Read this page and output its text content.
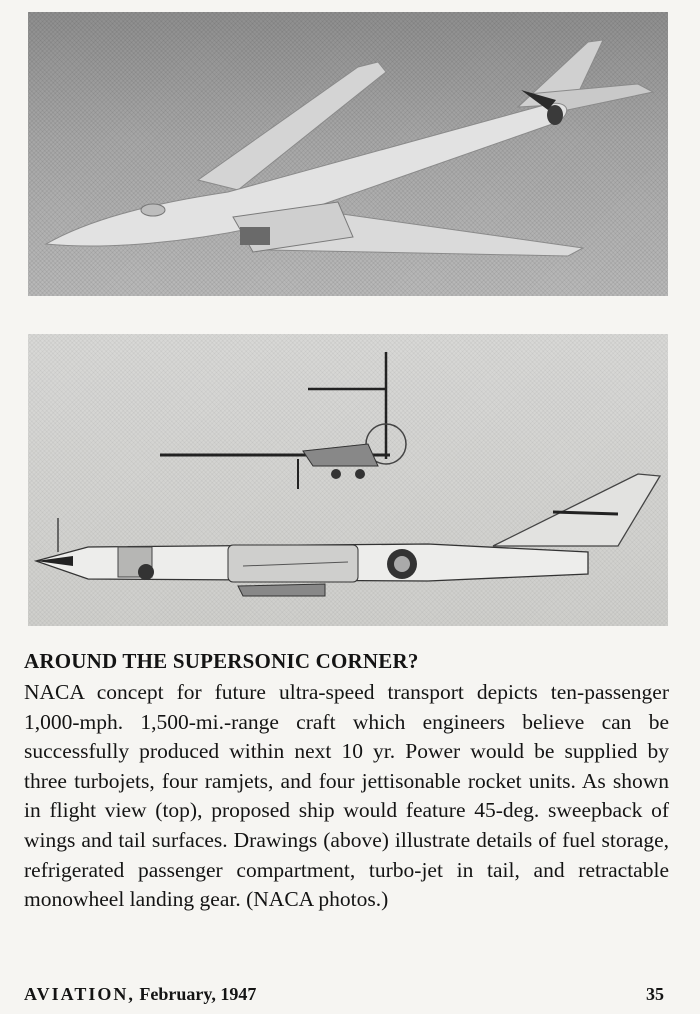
AROUND THE SUPERSONIC CORNER?

NACA concept for future ultra-speed transport depicts ten-passenger 1,000-mph. 1,500-mi.-range craft which engineers believe can be successfully produced within next 10 yr. Power would be supplied by three turbojets, four ramjets, and four jettisonable rocket units. As shown in flight view (top), proposed ship would feature 45-deg. sweepback of wings and tail surfaces. Drawings (above) illustrate details of fuel storage, refrigerated passenger compartment, turbo-jet in tail, and retractable monowheel landing gear. (NACA photos.)

AVIATION, February, 1947	35
